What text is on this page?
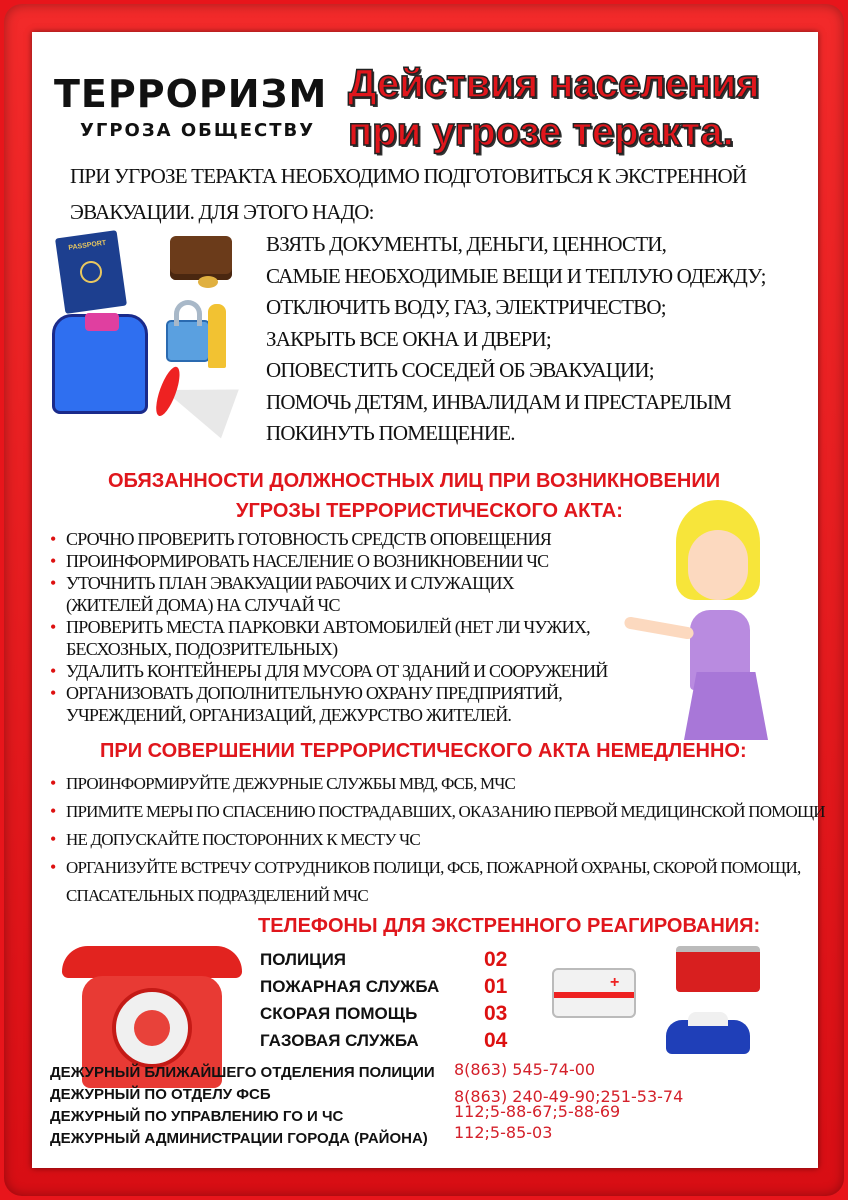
ТЕРРОРИЗМ
УГРОЗА ОБЩЕСТВУ
Действия населения
при угрозе теракта.
ПРИ УГРОЗЕ ТЕРАКТА НЕОБХОДИМО ПОДГОТОВИТЬСЯ К ЭКСТРЕННОЙ
ЭВАКУАЦИИ. ДЛЯ ЭТОГО НАДО:
PASSPORT
ОБЯЗАННОСТИ ДОЛЖНОСТНЫХ ЛИЦ ПРИ ВОЗНИКНОВЕНИИ
УГРОЗЫ ТЕРРОРИСТИЧЕСКОГО АКТА:
ПРИ СОВЕРШЕНИИ ТЕРРОРИСТИЧЕСКОГО АКТА НЕМЕДЛЕННО:
ТЕЛЕФОНЫ ДЛЯ ЭКСТРЕННОГО РЕАГИРОВАНИЯ:
+
ВЗЯТЬ ДОКУМЕНТЫ, ДЕНЬГИ, ЦЕННОСТИ,
САМЫЕ НЕОБХОДИМЫЕ ВЕЩИ И ТЕПЛУЮ ОДЕЖДУ;
ОТКЛЮЧИТЬ ВОДУ, ГАЗ, ЭЛЕКТРИЧЕСТВО;
ЗАКРЫТЬ ВСЕ ОКНА И ДВЕРИ;
ОПОВЕСТИТЬ СОСЕДЕЙ ОБ ЭВАКУАЦИИ;
ПОМОЧЬ ДЕТЯМ, ИНВАЛИДАМ И ПРЕСТАРЕЛЫМ
ПОКИНУТЬ ПОМЕЩЕНИЕ.
• СРОЧНО ПРОВЕРИТЬ ГОТОВНОСТЬ СРЕДСТВ ОПОВЕЩЕНИЯ
• ПРОИНФОРМИРОВАТЬ НАСЕЛЕНИЕ О ВОЗНИКНОВЕНИИ ЧС
• УТОЧНИТЬ ПЛАН ЭВАКУАЦИИ РАБОЧИХ И СЛУЖАЩИХ
(ЖИТЕЛЕЙ ДОМА) НА СЛУЧАЙ ЧС
• ПРОВЕРИТЬ МЕСТА ПАРКОВКИ АВТОМОБИЛЕЙ (НЕТ ЛИ ЧУЖИХ,
БЕСХОЗНЫХ, ПОДОЗРИТЕЛЬНЫХ)
• УДАЛИТЬ КОНТЕЙНЕРЫ ДЛЯ МУСОРА ОТ ЗДАНИЙ И СООРУЖЕНИЙ
• ОРГАНИЗОВАТЬ ДОПОЛНИТЕЛЬНУЮ ОХРАНУ ПРЕДПРИЯТИЙ,
УЧРЕЖДЕНИЙ, ОРГАНИЗАЦИЙ, ДЕЖУРСТВО ЖИТЕЛЕЙ.
• ПРОИНФОРМИРУЙТЕ ДЕЖУРНЫЕ СЛУЖБЫ МВД, ФСБ, МЧС
• ПРИМИТЕ МЕРЫ ПО СПАСЕНИЮ ПОСТРАДАВШИХ, ОКАЗАНИЮ ПЕРВОЙ МЕДИЦИНСКОЙ ПОМОЩИ
• НЕ ДОПУСКАЙТЕ ПОСТОРОННИХ К МЕСТУ ЧС
• ОРГАНИЗУЙТЕ ВСТРЕЧУ СОТРУДНИКОВ ПОЛИЦИ, ФСБ, ПОЖАРНОЙ ОХРАНЫ, СКОРОЙ ПОМОЩИ,
СПАСАТЕЛЬНЫХ ПОДРАЗДЕЛЕНИЙ МЧС
ПОЛИЦИЯ	02
ПОЖАРНАЯ СЛУЖБА 01
СКОРАЯ ПОМОЩЬ	03
ГАЗОВАЯ СЛУЖБА	04
ДЕЖУРНЫЙ БЛИЖАЙШЕГО ОТДЕЛЕНИЯ ПОЛИЦИИ 8(863) 545-74-00
ДЕЖУРНЫЙ ПО ОТДЕЛУ ФСБ	8(863) 240-49-90;251-53-74
ДЕЖУРНЫЙ ПО УПРАВЛЕНИЮ ГО И ЧС	112;5-88-67;5-88-69
ДЕЖУРНЫЙ АДМИНИСТРАЦИИ ГОРОДА (РАЙОНА) 112;5-85-03
